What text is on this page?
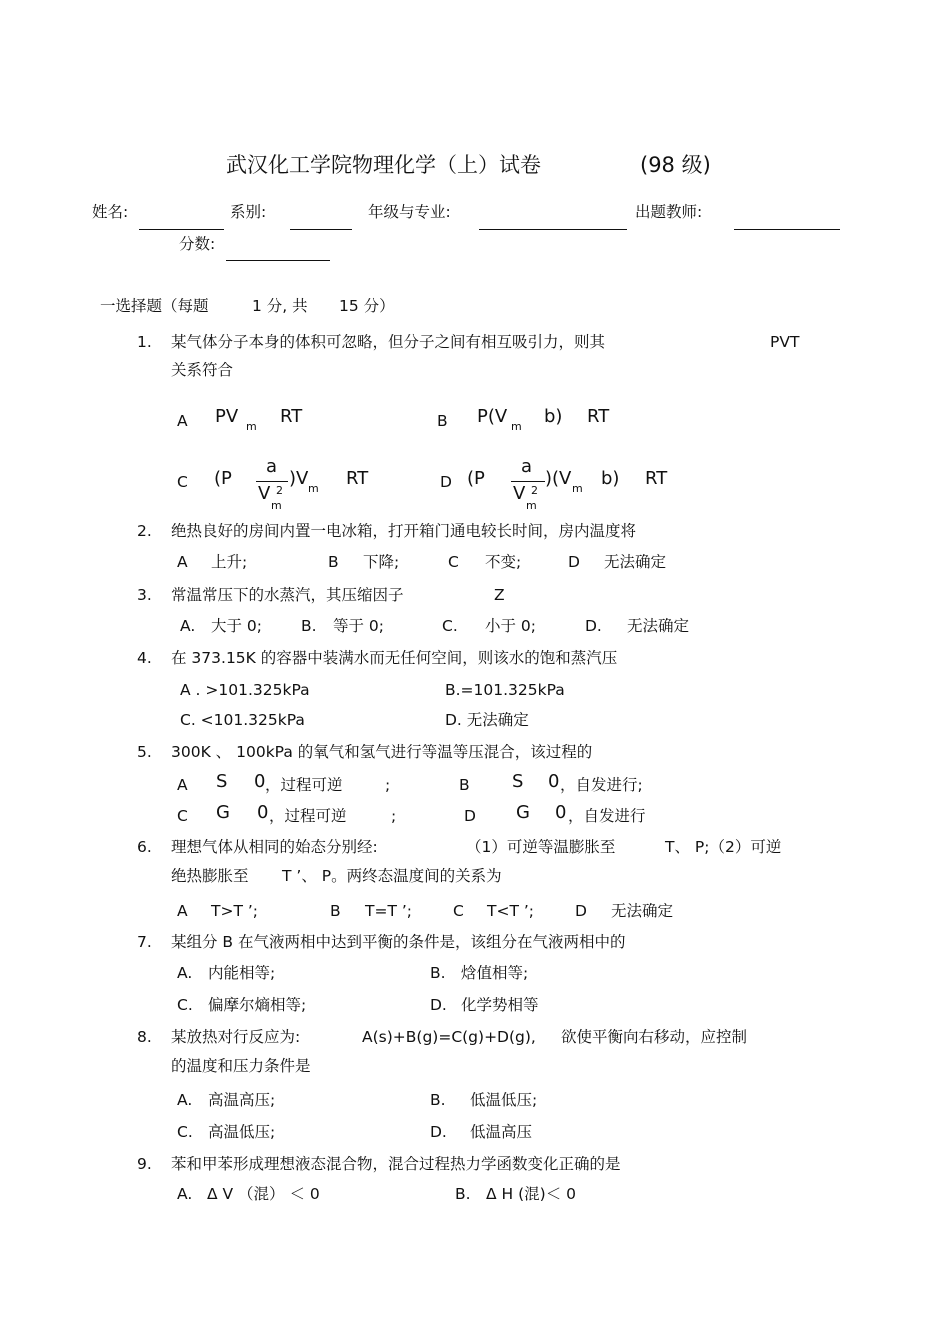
武汉化工学院物理化学（上）试卷	(98 级)
姓名:	系别:	年级与专业:	出题教师:
分数:
一选择题（每题	1 分, 共 15 分）
1. 某气体分子本身的体积可忽略，但分子之间有相互吸引力，则其	PVT
关系符合
A PV m RT	B P(V m b) RT
C (P
a
V 2
m
)V m RT	D (P
a
V 2
m
)(V m b) RT
2. 绝热良好的房间内置一电冰箱，打开箱门通电较长时间，房内温度将
A 上升;	B 下降;	C 不变;	D 无法确定
3. 常温常压下的水蒸汽，其压缩因子	Z
A. 大于 0;	B. 等于 0;	C. 小于 0;	D. 无法确定
4. 在 373.15K 的容器中装满水而无任何空间，则该水的饱和蒸汽压
A . >101.325kPa	B.=101.325kPa
C. <101.325kPa	D. 无法确定
5. 300K 、 100kPa 的氧气和氢气进行等温等压混合，该过程的
A S 0 ，过程可逆	;	B S 0 ，自发进行;
C G 0 ，过程可逆	;	D G 0 ，自发进行
6. 理想气体从相同的始态分别经:	（1）可逆等温膨胀至	T、 P;（2）可逆
绝热膨胀至 T ’、 P。两终态温度间的关系为
A T>T ’;	B T=T ’;	C T<T ’;	D 无法确定
7. 某组分 B 在气液两相中达到平衡的条件是，该组分在气液两相中的
A. 内能相等;	B. 焓值相等;
C. 偏摩尔熵相等;	D. 化学势相等
8. 某放热对行反应为:	A(s)+B(g)=C(g)+D(g), 欲使平衡向右移动，应控制
的温度和压力条件是
A. 高温高压;	B. 低温低压;
C. 高温低压;	D. 低温高压
9. 苯和甲苯形成理想液态混合物，混合过程热力学函数变化正确的是
A. Δ V （混） ＜ 0	B. Δ H (混)＜ 0
